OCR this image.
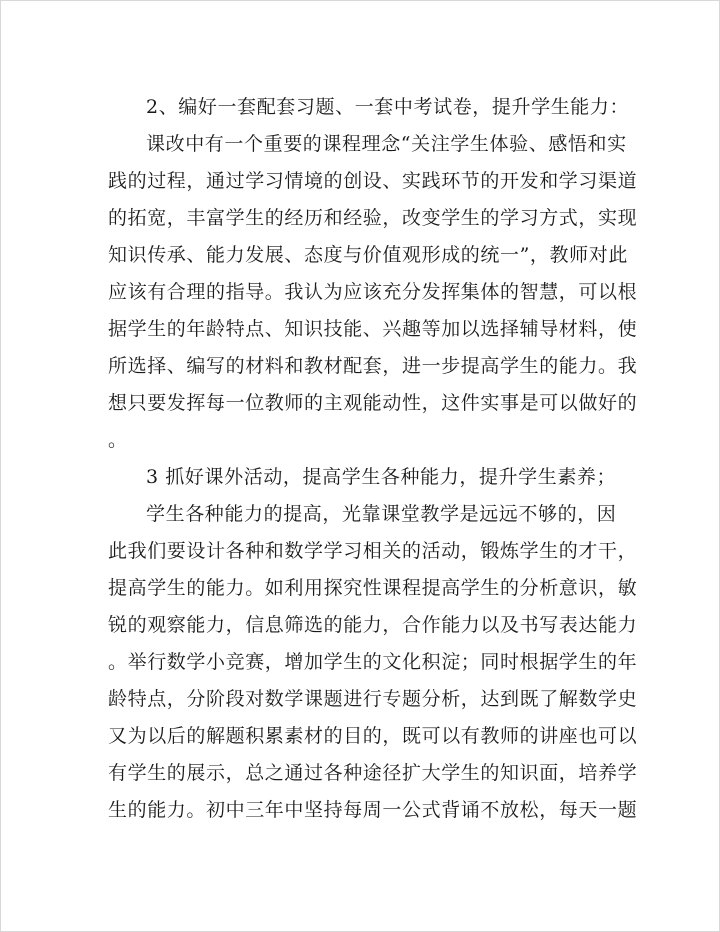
2、编好一套配套习题、一套中考试卷，提升学生能力：
课改中有一个重要的课程理念“关注学生体验、感悟和实
践的过程，通过学习情境的创设、实践环节的开发和学习渠道
的拓宽，丰富学生的经历和经验，改变学生的学习方式，实现
知识传承、能力发展、态度与价值观形成的统一”，教师对此
应该有合理的指导。我认为应该充分发挥集体的智慧，可以根
据学生的年龄特点、知识技能、兴趣等加以选择辅导材料，使
所选择、编写的材料和教材配套，进一步提高学生的能力。我
想只要发挥每一位教师的主观能动性，这件实事是可以做好的
。
3 抓好课外活动，提高学生各种能力，提升学生素养；
学生各种能力的提高，光靠课堂教学是远远不够的，因
此我们要设计各种和数学学习相关的活动，锻炼学生的才干，
提高学生的能力。如利用探究性课程提高学生的分析意识，敏
锐的观察能力，信息筛选的能力，合作能力以及书写表达能力
。举行数学小竞赛，增加学生的文化积淀；同时根据学生的年
龄特点，分阶段对数学课题进行专题分析，达到既了解数学史
又为以后的解题积累素材的目的，既可以有教师的讲座也可以
有学生的展示，总之通过各种途径扩大学生的知识面，培养学
生的能力。初中三年中坚持每周一公式背诵不放松，每天一题
